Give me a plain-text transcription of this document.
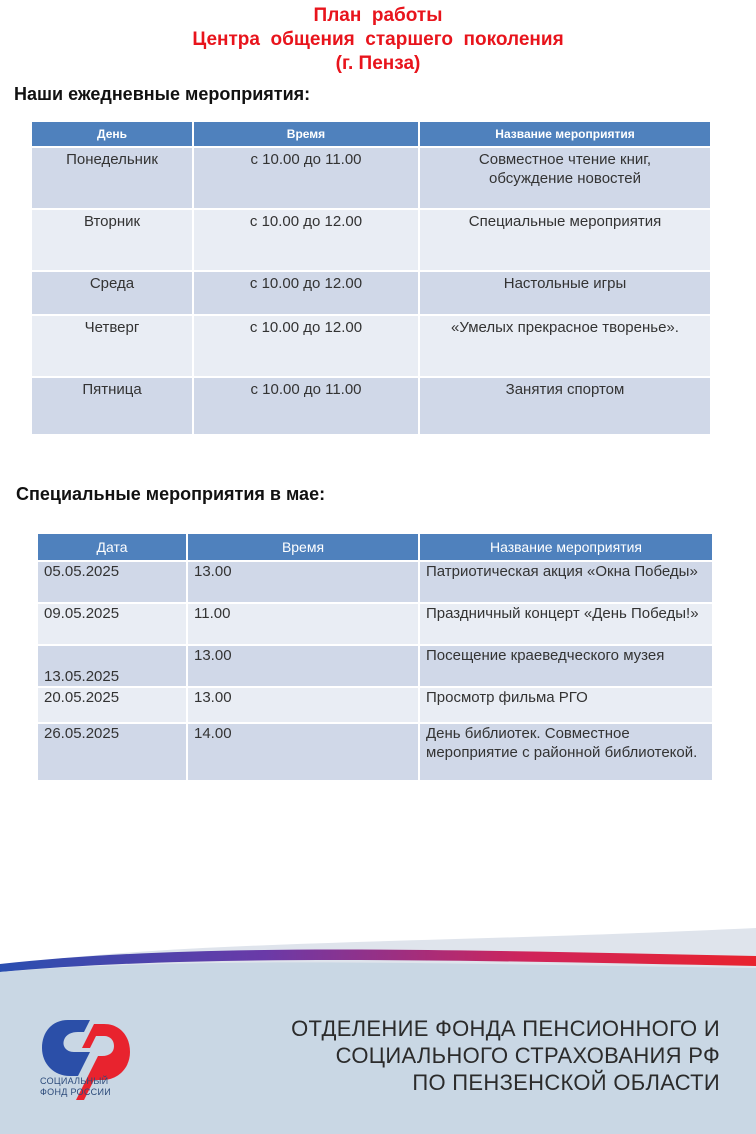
План  работы
Центра  общения  старшего  поколения
(г. Пенза)
Наши ежедневные мероприятия:
День	Время	Название мероприятия
Понедельник	с 10.00 до 11.00	Совместное чтение книг, обсуждение новостей
Вторник	с 10.00 до 12.00	Специальные мероприятия
Среда	с 10.00 до 12.00	Настольные игры
Четверг	с 10.00 до 12.00	«Умелых прекрасное творенье».
Пятница	с 10.00 до 11.00	Занятия спортом
Специальные мероприятия в мае:
Дата	Время	Название мероприятия
05.05.2025	13.00	Патриотическая акция «Окна Победы»
09.05.2025	11.00	Праздничный концерт «День Победы!»
13.05.2025	13.00	Посещение краеведческого музея
20.05.2025	13.00	Просмотр фильма РГО
26.05.2025	14.00	День библиотек. Совместное мероприятие с районной библиотекой.
СОЦИАЛЬНЫЙ
ФОНД РОССИИ
ОТДЕЛЕНИЕ ФОНДА ПЕНСИОННОГО И
СОЦИАЛЬНОГО СТРАХОВАНИЯ РФ
ПО ПЕНЗЕНСКОЙ ОБЛАСТИ
